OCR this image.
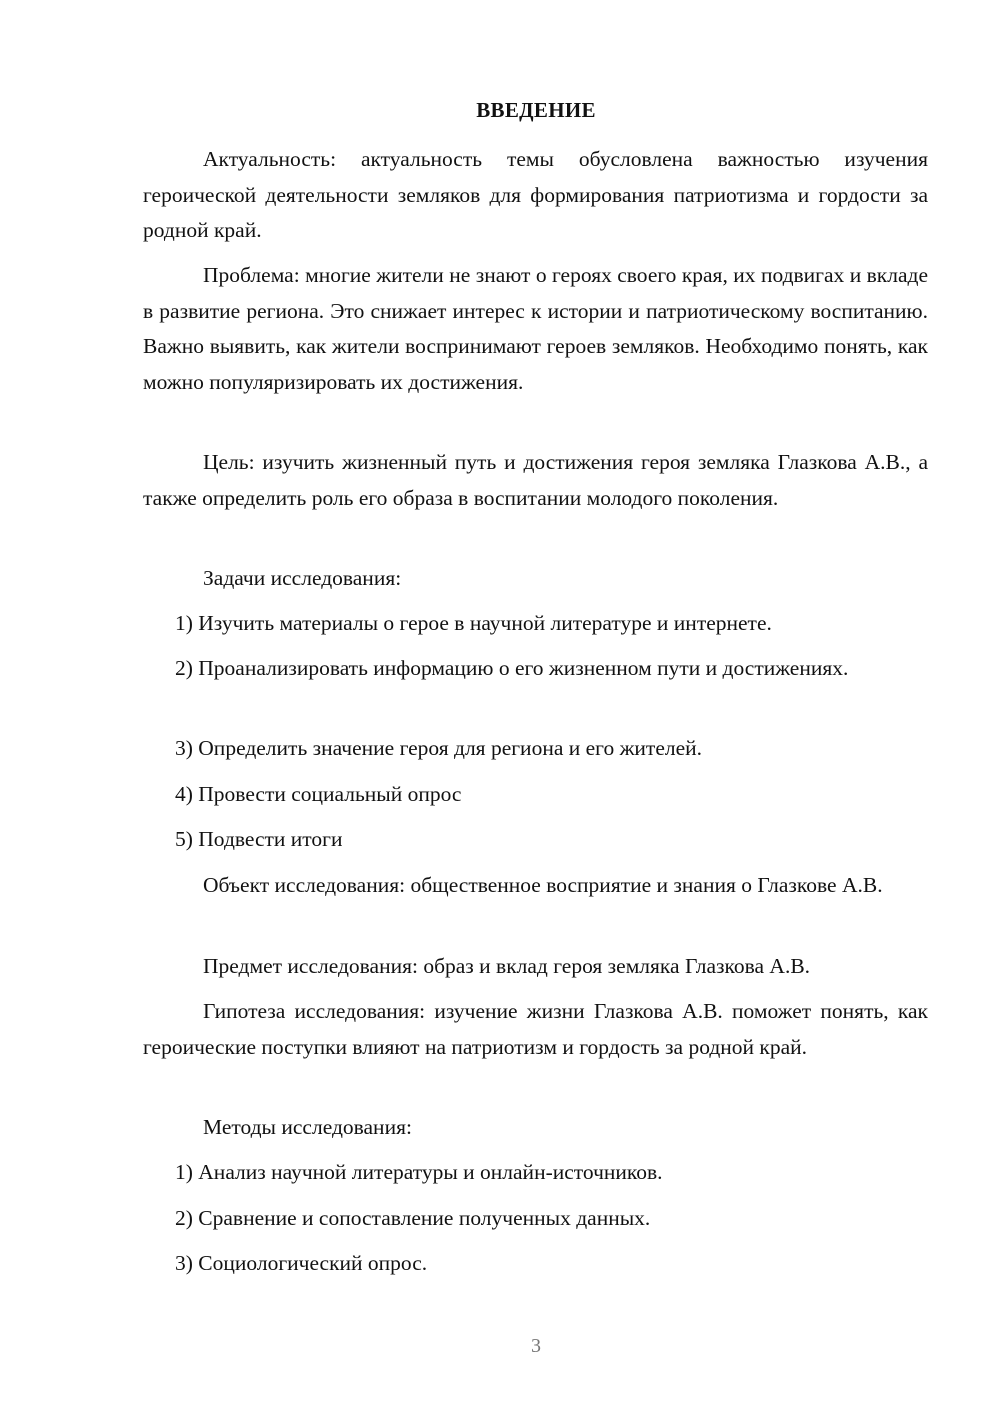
ВВЕДЕНИЕ
Актуальность: актуальность темы обусловлена важностью изучения героической деятельности земляков для формирования патриотизма и гордости за родной край.
Проблема: многие жители не знают о героях своего края, их подвигах и вкладе в развитие региона. Это снижает интерес к истории и патриотическому воспитанию. Важно выявить, как жители воспринимают героев земляков. Необходимо понять, как можно популяризировать их достижения.
Цель: изучить жизненный путь и достижения героя земляка Глазкова А.В., а также определить роль его образа в воспитании молодого поколения.
Задачи исследования:
1) Изучить материалы о герое в научной литературе и интернете.
2) Проанализировать информацию о его жизненном пути и достижениях.
3) Определить значение героя для региона и его жителей.
4) Провести социальный опрос
5) Подвести итоги
Объект исследования: общественное восприятие и знания о Глазкове А.В.
Предмет исследования: образ и вклад героя земляка Глазкова А.В.
Гипотеза исследования: изучение жизни Глазкова А.В. поможет понять, как героические поступки влияют на патриотизм и гордость за родной край.
Методы исследования:
1) Анализ научной литературы и онлайн-источников.
2) Сравнение и сопоставление полученных данных.
3) Социологический опрос.
3
